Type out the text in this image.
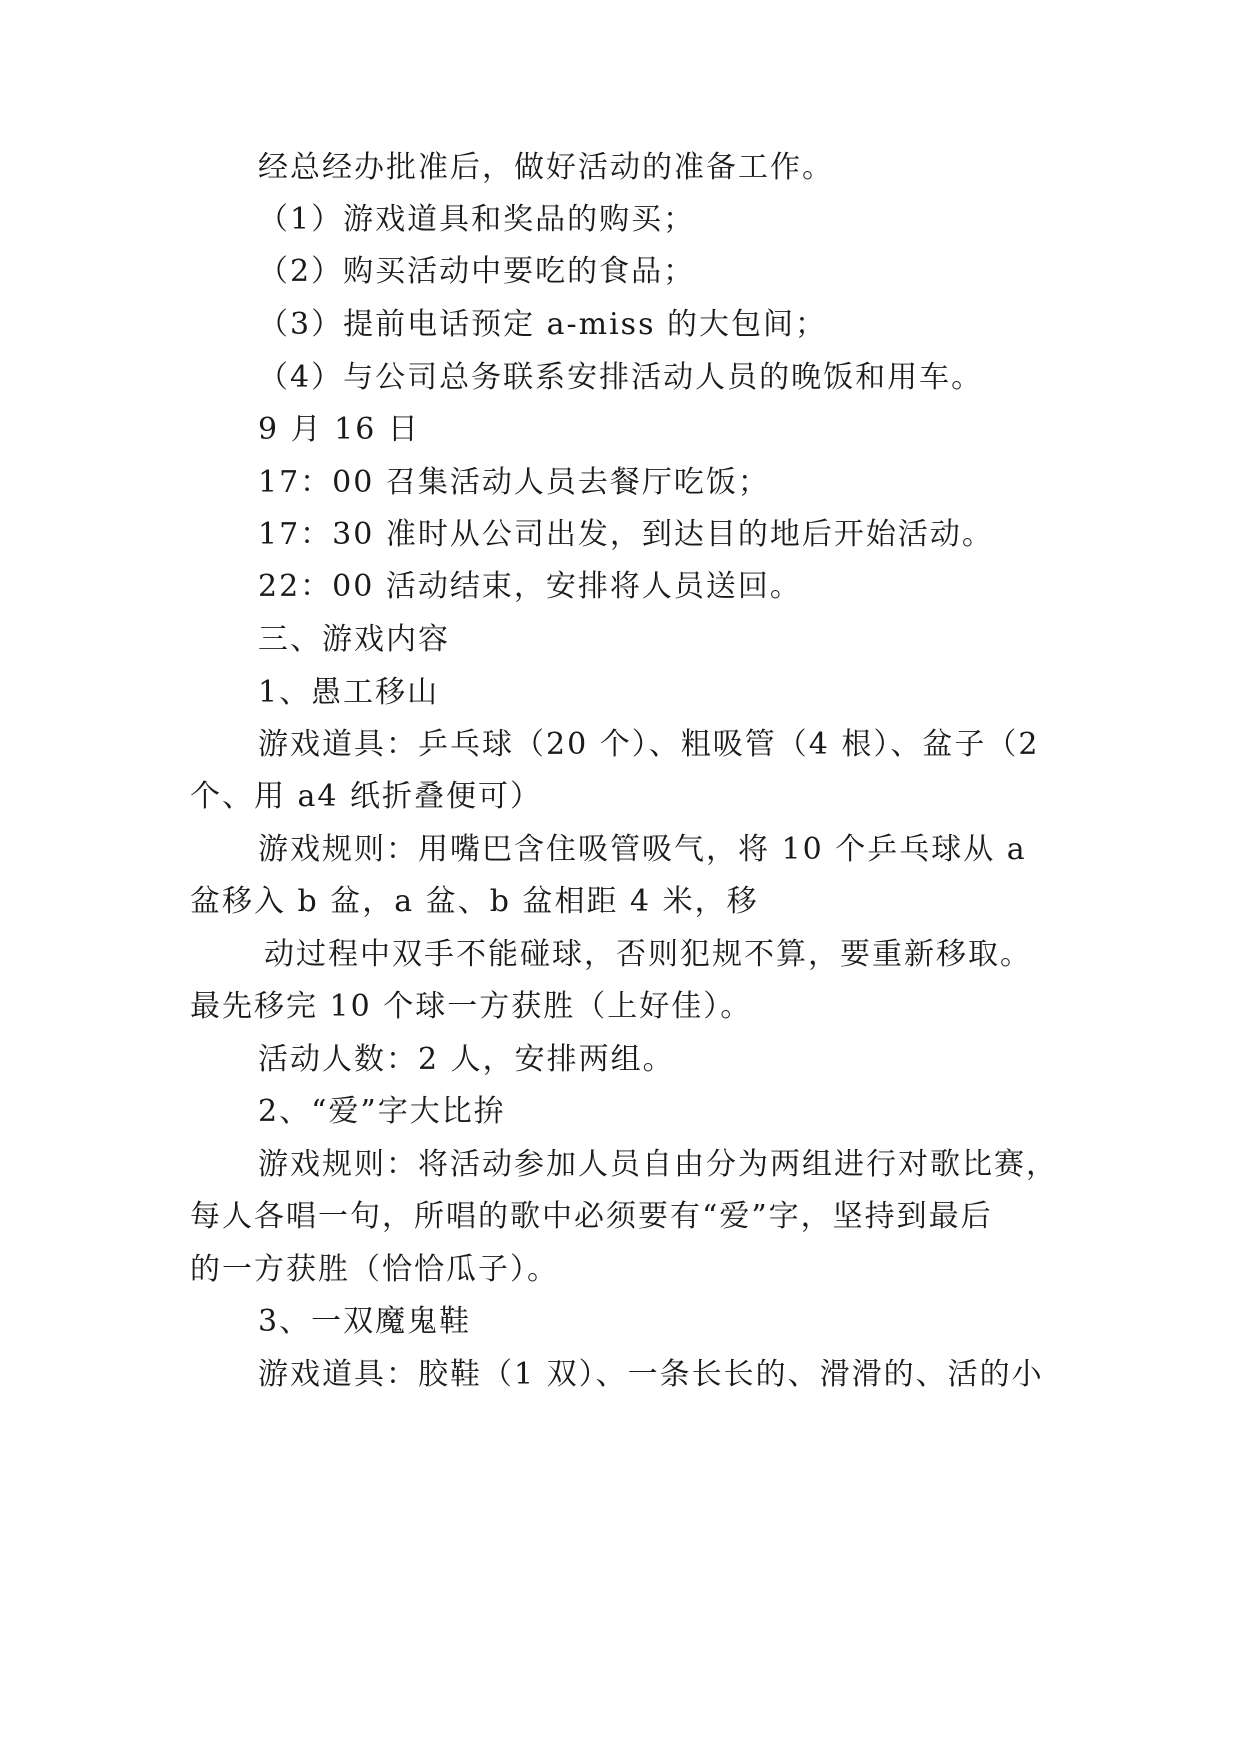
经总经办批准后，做好活动的准备工作。
（1）游戏道具和奖品的购买；
（2）购买活动中要吃的食品；
（3）提前电话预定 a-miss 的大包间；
（4）与公司总务联系安排活动人员的晚饭和用车。
9 月 16 日
17：00 召集活动人员去餐厅吃饭；
17：30 准时从公司出发，到达目的地后开始活动。
22：00 活动结束，安排将人员送回。
三、游戏内容
1、愚工移山
游戏道具：乒乓球（20 个）、粗吸管（4 根）、盆子（2
个、用 a4 纸折叠便可）
游戏规则：用嘴巴含住吸管吸气，将 10 个乒乓球从 a
盆移入 b 盆，a 盆、b 盆相距 4 米，移
动过程中双手不能碰球，否则犯规不算，要重新移取。
最先移完 10 个球一方获胜（上好佳）。
活动人数：2 人，安排两组。
2、“爱”字大比拚
游戏规则：将活动参加人员自由分为两组进行对歌比赛，
每人各唱一句，所唱的歌中必须要有“爱”字，坚持到最后
的一方获胜（恰恰瓜子）。
3、一双魔鬼鞋
游戏道具：胶鞋（1 双）、一条长长的、滑滑的、活的小
